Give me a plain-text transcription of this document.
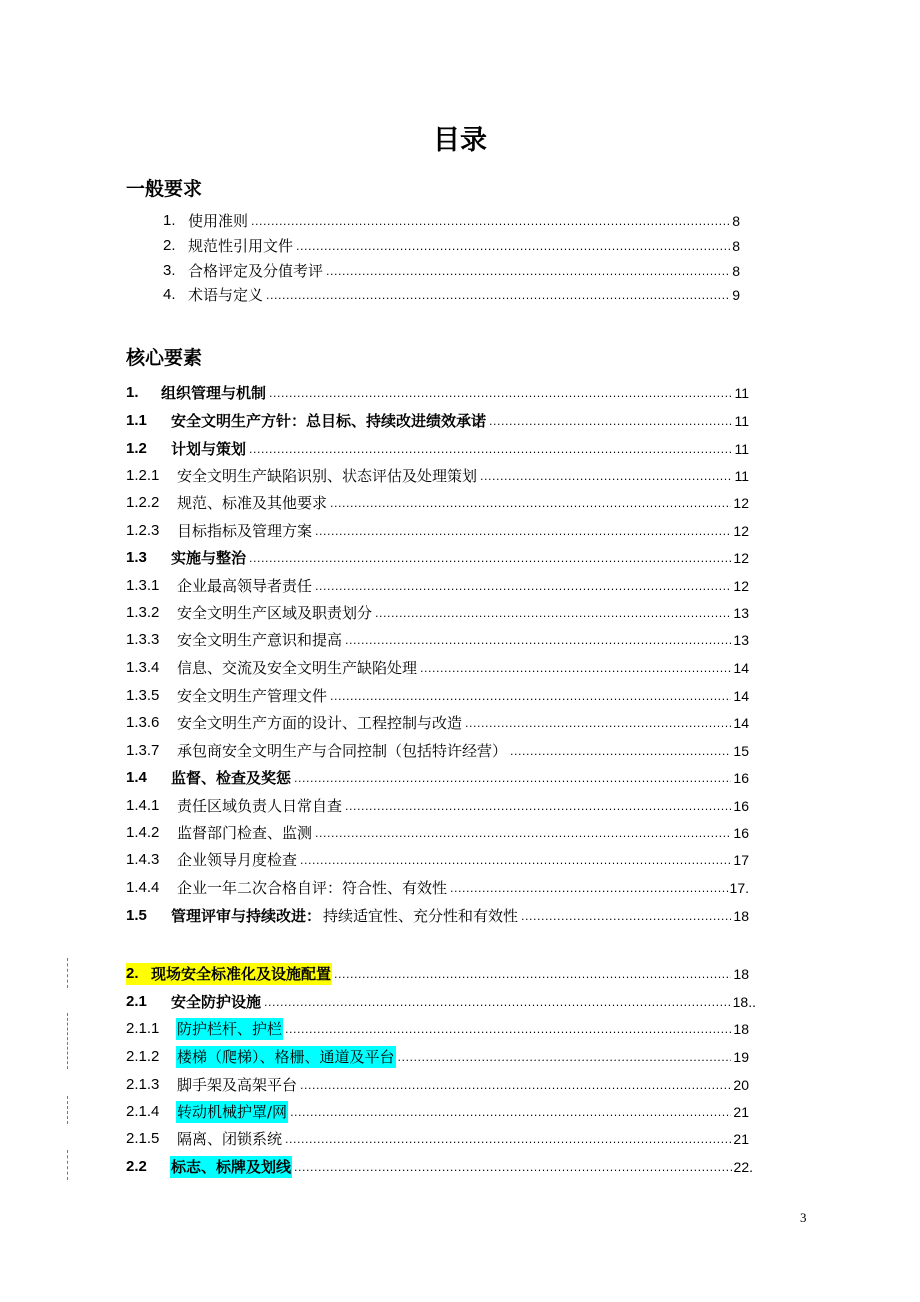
目录
一般要求
1. 使用准则 .....	8
2. 规范性引用文件 .....	8
3. 合格评定及分值考评 .....	8
4. 术语与定义 .....	9
核心要素
1.	组织管理与机制 .....	11
1.1	安全文明生产方针：总目标、持续改进绩效承诺 .....	11
1.2	计划与策划 .....	11
1.2.1	安全文明生产缺陷识别、状态评估及处理策划 .....	11
1.2.2	规范、标准及其他要求 .....	12
1.2.3	目标指标及管理方案 .....	12
1.3	实施与整治 .....	12
1.3.1	企业最高领导者责任 .....	12
1.3.2	安全文明生产区域及职责划分 .....	13
1.3.3	安全文明生产意识和提高 .....	13
1.3.4	信息、交流及安全文明生产缺陷处理 .....	14
1.3.5	安全文明生产管理文件 .....	14
1.3.6	安全文明生产方面的设计、工程控制与改造 .....	14
1.3.7	承包商安全文明生产与合同控制（包括特许经营） .....	15
1.4	监督、检查及奖惩 .....	16
1.4.1	责任区域负责人日常自查 .....	16
1.4.2	监督部门检查、监测 .....	16
1.4.3	企业领导月度检查 .....	17
1.4.4	企业一年二次合格自评：符合性、有效性 .....	17.
1.5	管理评审与持续改进： 持续适宜性、充分性和有效性 .....	18
2. 现场安全标准化及设施配置 .....	18
2.1	安全防护设施 .....	18..
2.1.1	防护栏杆、护栏 .....	18
2.1.2	楼梯（爬梯）、格栅、通道及平台 .....	19
2.1.3	脚手架及高架平台 .....	20
2.1.4	转动机械护罩/网 .....	21
2.1.5	隔离、闭锁系统 .....	21
2.2	标志、标牌及划线 .....	22.
3
